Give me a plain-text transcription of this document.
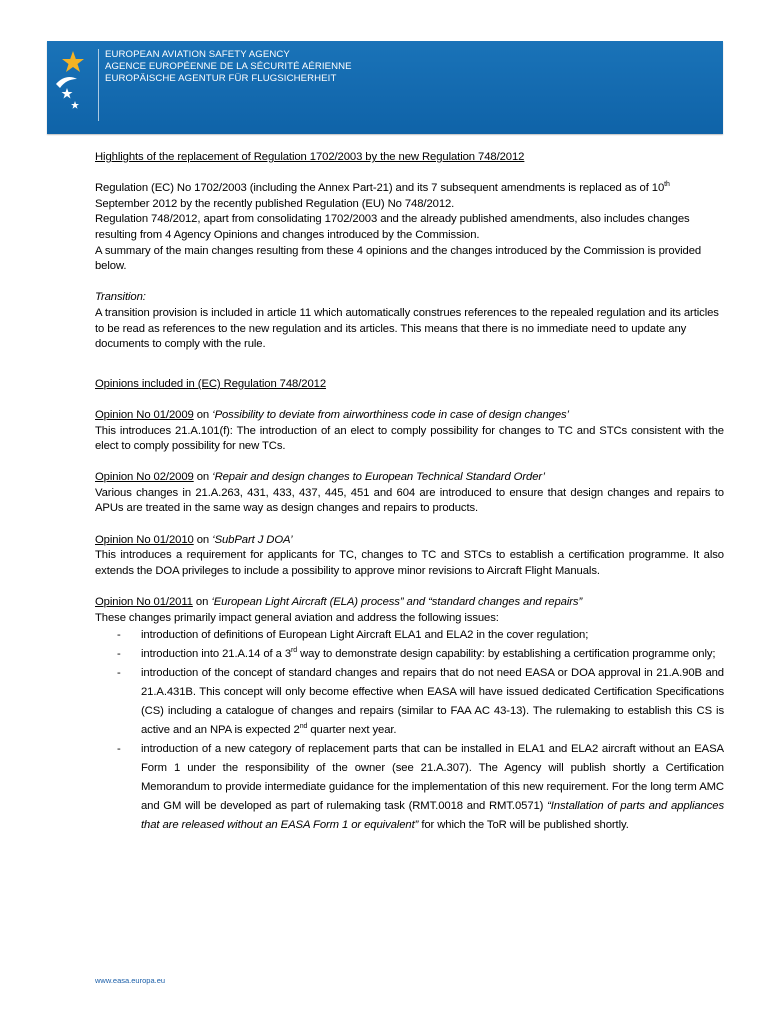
EUROPEAN AVIATION SAFETY AGENCY
AGENCE EUROPÉENNE DE LA SÉCURITÉ AÉRIENNE
EUROPÄISCHE AGENTUR FÜR FLUGSICHERHEIT

Highlights of the replacement of Regulation 1702/2003 by the new Regulation 748/2012

Regulation (EC) No 1702/2003 (including the Annex Part-21) and its 7 subsequent amendments is replaced as of 10th September 2012 by the recently published Regulation (EU) No 748/2012.

Regulation 748/2012, apart from consolidating 1702/2003 and the already published amendments, also includes changes resulting from 4 Agency Opinions and changes introduced by the Commission.

A summary of the main changes resulting from these 4 opinions and the changes introduced by the Commission is provided below.

Transition:

A transition provision is included in article 11 which automatically construes references to the repealed regulation and its articles to be read as references to the new regulation and its articles. This means that there is no immediate need to update any documents to comply with the rule.

Opinions included in (EC) Regulation 748/2012

Opinion No 01/2009 on ‘Possibility to deviate from airworthiness code in case of design changes’

This introduces 21.A.101(f): The introduction of an elect to comply possibility for changes to TC and STCs consistent with the elect to comply possibility for new TCs.

Opinion No 02/2009 on ‘Repair and design changes to European Technical Standard Order’

Various changes in 21.A.263, 431, 433, 437, 445, 451 and 604 are introduced to ensure that design changes and repairs to APUs are treated in the same way as design changes and repairs to products.

Opinion No 01/2010 on ‘SubPart J DOA’

This introduces a requirement for applicants for TC, changes to TC and STCs to establish a certification programme. It also extends the DOA privileges to include a possibility to approve minor revisions to Aircraft Flight Manuals.

Opinion No 01/2011 on ‘European Light Aircraft (ELA) process” and “standard changes and repairs”

These changes primarily impact general aviation and address the following issues:

- introduction of definitions of European Light Aircraft ELA1 and ELA2 in the cover regulation;
- introduction into 21.A.14 of a 3rd way to demonstrate design capability: by establishing a certification programme only;
- introduction of the concept of standard changes and repairs that do not need EASA or DOA approval in 21.A.90B and 21.A.431B. This concept will only become effective when EASA will have issued dedicated Certification Specifications (CS) including a catalogue of changes and repairs (similar to FAA AC 43-13). The rulemaking to establish this CS is active and an NPA is expected 2nd quarter next year.
- introduction of a new category of replacement parts that can be installed in ELA1 and ELA2 aircraft without an EASA Form 1 under the responsibility of the owner (see 21.A.307). The Agency will publish shortly a Certification Memorandum to provide intermediate guidance for the implementation of this new requirement. For the long term AMC and GM will be developed as part of rulemaking task (RMT.0018 and RMT.0571) “Installation of parts and appliances that are released without an EASA Form 1 or equivalent” for which the ToR will be published shortly.
www.easa.europa.eu
